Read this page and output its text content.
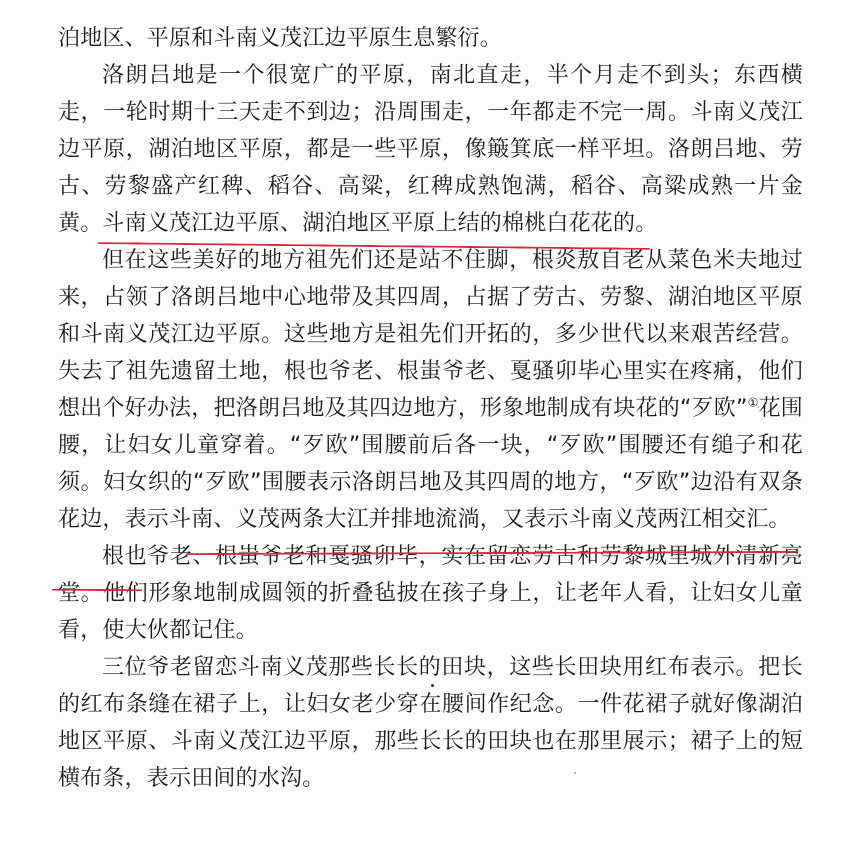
泊地区、平原和斗南义茂江边平原生息繁衍。

洛朗吕地是一个很宽广的平原，南北直走，半个月走不到头；东西横走，一轮时期十三天走不到边；沿周围走，一年都走不完一周。斗南义茂江边平原，湖泊地区平原，都是一些平原，像簸箕底一样平坦。洛朗吕地、劳古、劳黎盛产红稗、稻谷、高粱，红稗成熟饱满，稻谷、高粱成熟一片金黄。斗南义茂江边平原、湖泊地区平原上结的棉桃白花花的。

但在这些美好的地方祖先们还是站不住脚，根炎敖自老从菜色米夫地过来，占领了洛朗吕地中心地带及其四周，占据了劳古、劳黎、湖泊地区平原和斗南义茂江边平原。这些地方是祖先们开拓的，多少世代以来艰苦经营。失去了祖先遗留土地，根也爷老、根蚩爷老、戛骚卯毕心里实在疼痛，他们想出个好办法，把洛朗吕地及其四边地方，形象地制成有块花的“歹欧”①花围腰，让妇女儿童穿着。“歹欧”围腰前后各一块，“歹欧”围腰还有缒子和花须。妇女织的“歹欧”围腰表示洛朗吕地及其四周的地方，“歹欧”边沿有双条花边，表示斗南、义茂两条大江并排地流淌，又表示斗南义茂两江相交汇。

根也爷老、根蚩爷老和戛骚卯毕，实在留恋劳古和劳黎城里城外清新亮堂。他们形象地制成圆领的折叠毡披在孩子身上，让老年人看，让妇女儿童看，使大伙都记住。

三位爷老留恋斗南义茂那些长长的田块，这些长田块用红布表示。把长的红布条缝在裙子上，让妇女老少穿在腰间作纪念。一件花裙子就好像湖泊地区平原、斗南义茂江边平原，那些长长的田块也在那里展示；裙子上的短横布条，表示田间的水沟。
